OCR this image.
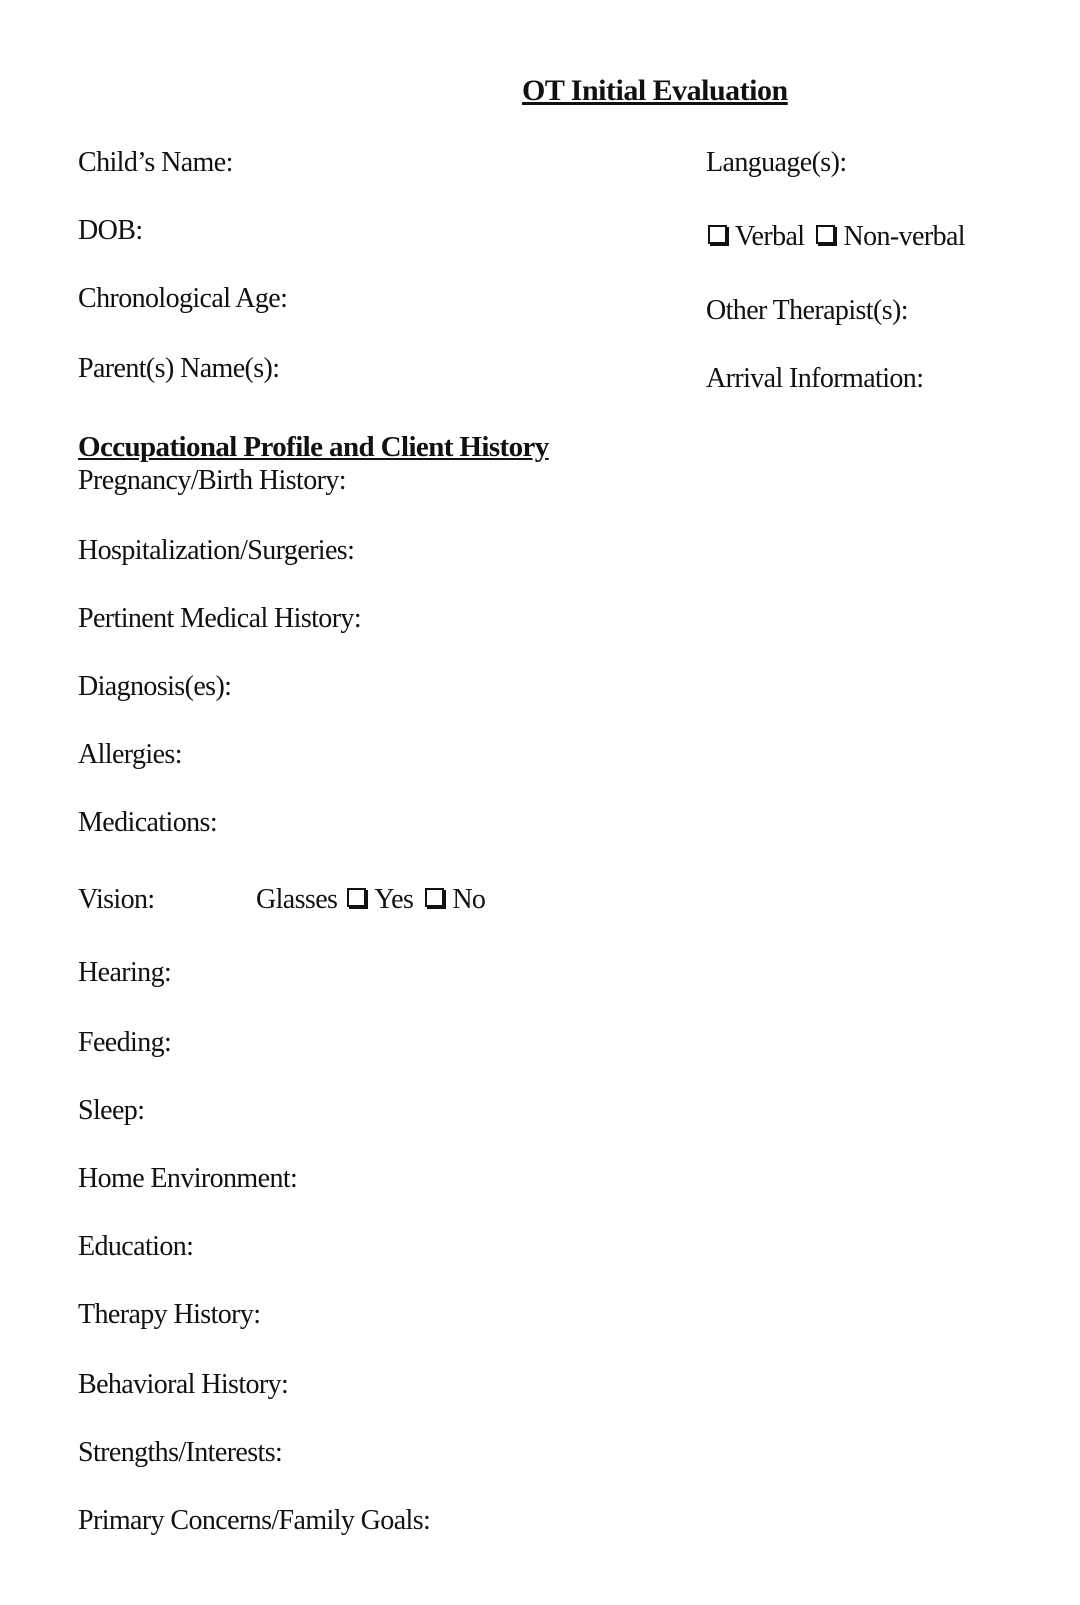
OT Initial Evaluation
Child’s Name:
DOB:
Chronological Age:
Parent(s) Name(s):
Language(s):
Verbal Non-verbal
Other Therapist(s):
Arrival Information:
Occupational Profile and Client History
Pregnancy/Birth History:
Hospitalization/Surgeries:
Pertinent Medical History:
Diagnosis(es):
Allergies:
Medications:
Vision:	Glasses Yes No
Hearing:
Feeding:
Sleep:
Home Environment:
Education:
Therapy History:
Behavioral History:
Strengths/Interests:
Primary Concerns/Family Goals:
